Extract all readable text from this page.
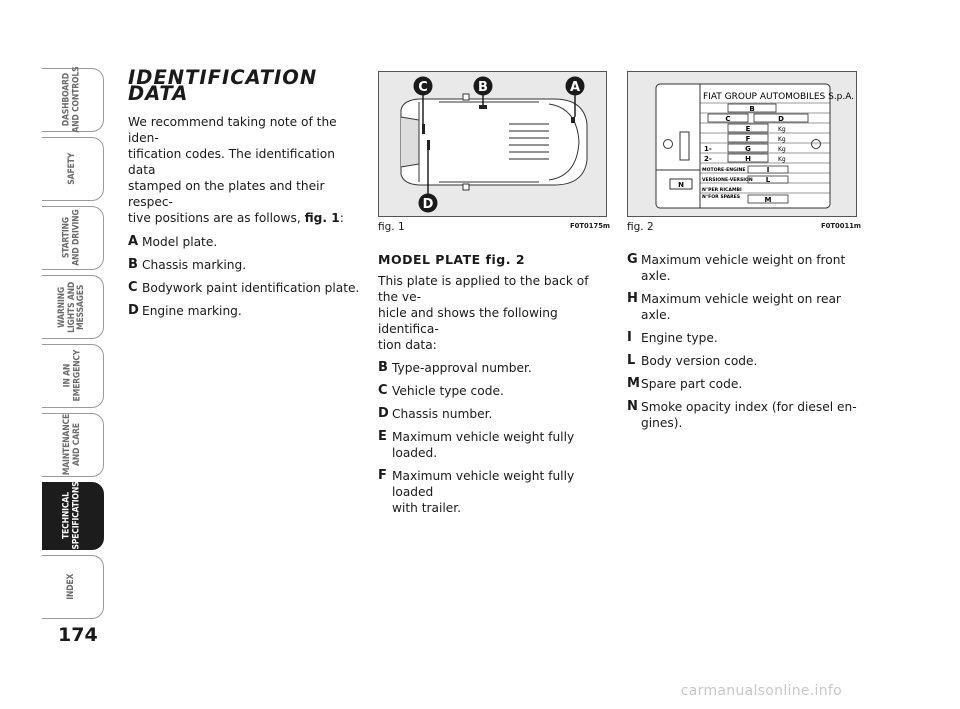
DASHBOARD
AND CONTROLS
SAFETY
STARTING
AND DRIVING
WARNING
LIGHTS AND
MESSAGES
IN AN
EMERGENCY
MAINTENANCE
AND CARE
TECHNICAL
SPECIFICATIONS
INDEX
174
IDENTIFICATION DATA

We recommend taking note of the iden-
tification codes. The identification data
stamped on the plates and their respec-
tive positions are as follows, fig. 1:

A Model plate.
B Chassis marking.
C Bodywork paint identification plate.
D Engine marking.
C	B	A
D
fig. 1	F0T0175m
N
FIAT GROUP AUTOMOBILES S.p.A.
B
C	D
E
F
G
H
I
L
M
Kg
Kg
Kg
Kg
1-
2-
MOTORE-ENGINE
VERSIONE-VERSION
N°PER RICAMBI
N°FOR SPARES
fig. 2	F0T0011m
MODEL PLATE fig. 2

This plate is applied to the back of the ve-
hicle and shows the following identifica-
tion data:

B Type-approval number.
C Vehicle type code.
D Chassis number.
E Maximum vehicle weight fully loaded.
F Maximum vehicle weight fully loaded
with trailer.
G Maximum vehicle weight on front
axle.
H Maximum vehicle weight on rear axle.
I Engine type.
L Body version code.
M Spare part code.
N Smoke opacity index (for diesel en-
gines).
carmanualsonline.info
